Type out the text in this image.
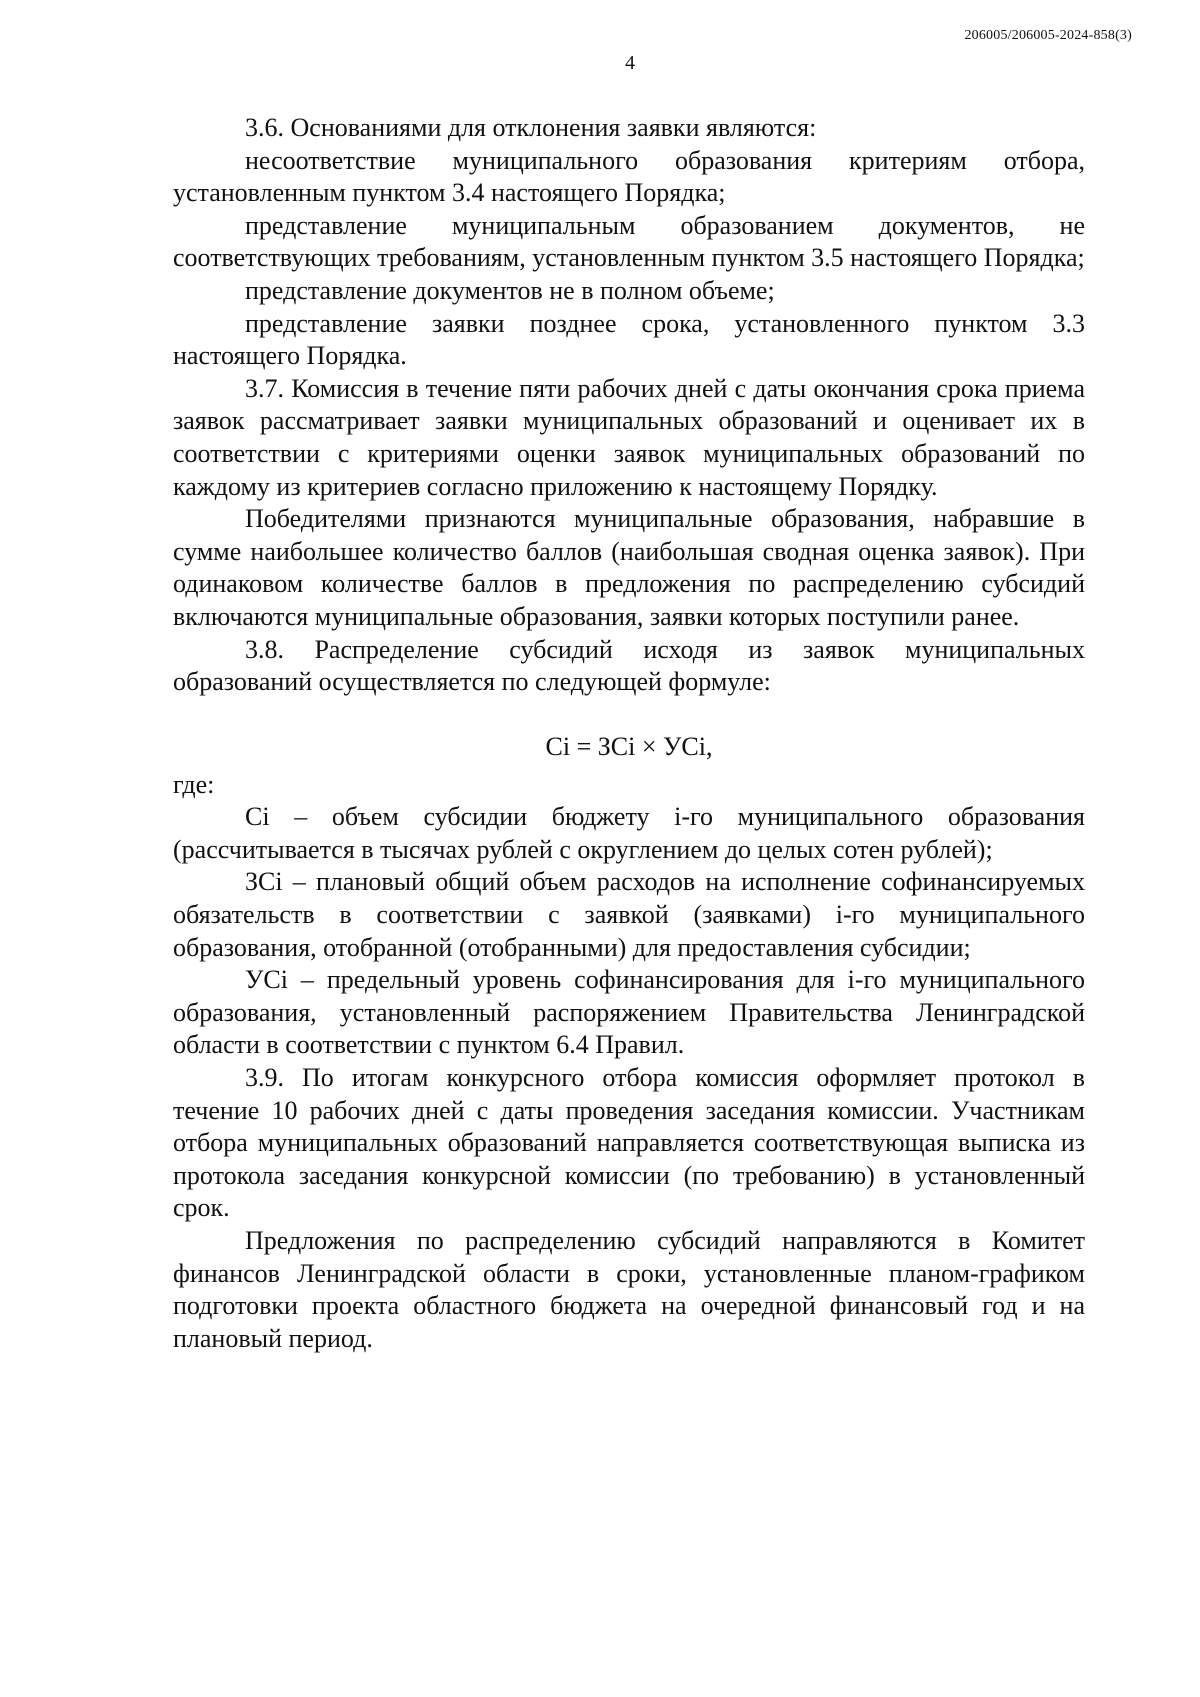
206005/206005-2024-858(3)
4

3.6. Основаниями для отклонения заявки являются:

несоответствие муниципального образования критериям отбора, установленным пунктом 3.4 настоящего Порядка;

представление муниципальным образованием документов, не соответствующих требованиям, установленным пунктом 3.5 настоящего Порядка;

представление документов не в полном объеме;

представление заявки позднее срока, установленного пунктом 3.3 настоящего Порядка.

3.7. Комиссия в течение пяти рабочих дней с даты окончания срока приема заявок рассматривает заявки муниципальных образований и оценивает их в соответствии с критериями оценки заявок муниципальных образований по каждому из критериев согласно приложению к настоящему Порядку.

Победителями признаются муниципальные образования, набравшие в сумме наибольшее количество баллов (наибольшая сводная оценка заявок). При одинаковом количестве баллов в предложения по распределению субсидий включаются муниципальные образования, заявки которых поступили ранее.

3.8. Распределение субсидий исходя из заявок муниципальных образований осуществляется по следующей формуле:

Ci = ЗCi × УCi,

где:

Ci – объем субсидии бюджету i-го муниципального образования (рассчитывается в тысячах рублей с округлением до целых сотен рублей);

ЗCi – плановый общий объем расходов на исполнение софинансируемых обязательств в соответствии с заявкой (заявками) i-го муниципального образования, отобранной (отобранными) для предоставления субсидии;

УCi – предельный уровень софинансирования для i-го муниципального образования, установленный распоряжением Правительства Ленинградской области в соответствии с пунктом 6.4 Правил.

3.9. По итогам конкурсного отбора комиссия оформляет протокол в течение 10 рабочих дней с даты проведения заседания комиссии. Участникам отбора муниципальных образований направляется соответствующая выписка из протокола заседания конкурсной комиссии (по требованию) в установленный срок.

Предложения по распределению субсидий направляются в Комитет финансов Ленинградской области в сроки, установленные планом-графиком подготовки проекта областного бюджета на очередной финансовый год и на плановый период.
